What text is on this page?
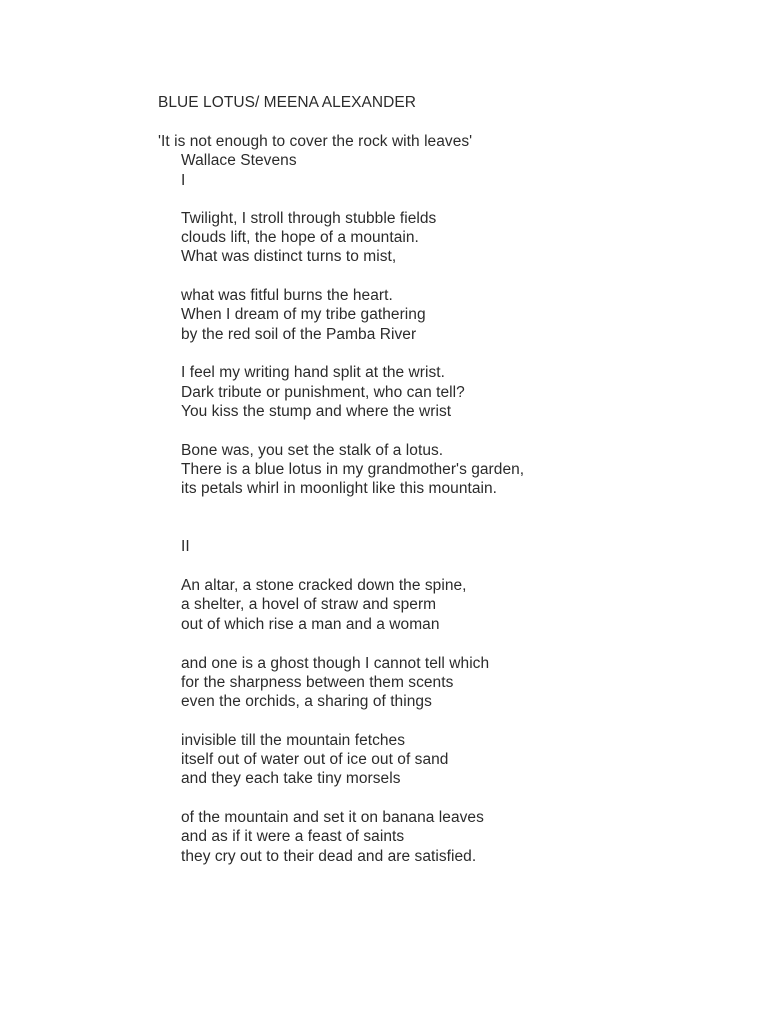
BLUE LOTUS/ MEENA ALEXANDER
'It is not enough to cover the rock with leaves'
Wallace Stevens
I
Twilight, I stroll through stubble fields
clouds lift, the hope of a mountain.
What was distinct turns to mist,
what was fitful burns the heart.
When I dream of my tribe gathering
by the red soil of the Pamba River
I feel my writing hand split at the wrist.
Dark tribute or punishment, who can tell?
You kiss the stump and where the wrist
Bone was, you set the stalk of a lotus.
There is a blue lotus in my grandmother's garden,
its petals whirl in moonlight like this mountain.
II
An altar, a stone cracked down the spine,
a shelter, a hovel of straw and sperm
out of which rise a man and a woman
and one is a ghost though I cannot tell which
for the sharpness between them scents
even the orchids, a sharing of things
invisible till the mountain fetches
itself out of water out of ice out of sand
and they each take tiny morsels
of the mountain and set it on banana leaves
and as if it were a feast of saints
they cry out to their dead and are satisfied.
